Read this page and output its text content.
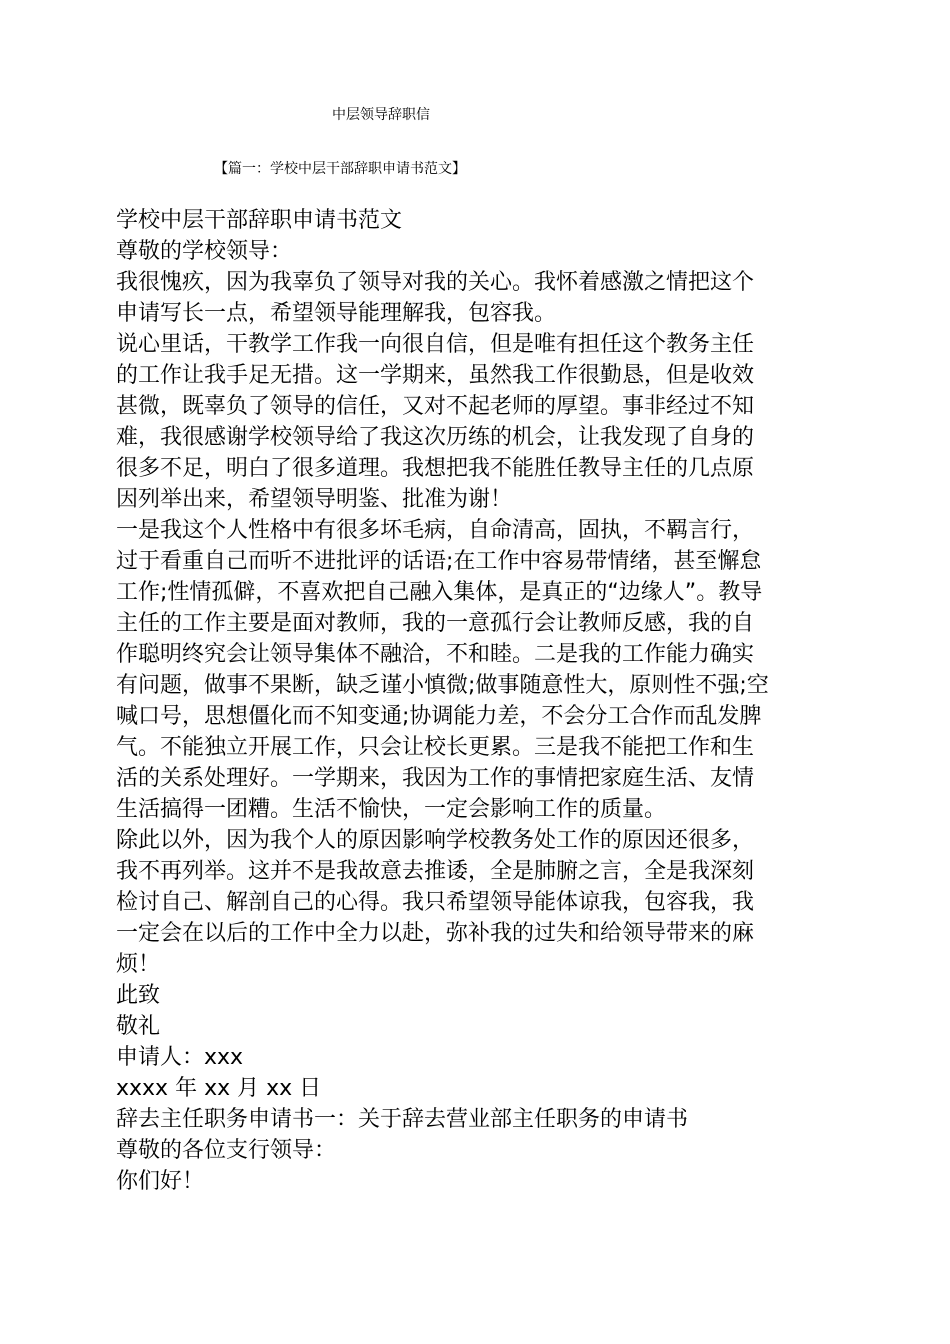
中层领导辞职信
【篇一：学校中层干部辞职申请书范文】
学校中层干部辞职申请书范文
尊敬的学校领导：
我很愧疚，因为我辜负了领导对我的关心。我怀着感激之情把这个
申请写长一点，希望领导能理解我，包容我。
说心里话，干教学工作我一向很自信，但是唯有担任这个教务主任
的工作让我手足无措。这一学期来，虽然我工作很勤恳，但是收效
甚微，既辜负了领导的信任，又对不起老师的厚望。事非经过不知
难，我很感谢学校领导给了我这次历练的机会，让我发现了自身的
很多不足，明白了很多道理。我想把我不能胜任教导主任的几点原
因列举出来，希望领导明鉴、批准为谢！
一是我这个人性格中有很多坏毛病，自命清高，固执，不羁言行，
过于看重自己而听不进批评的话语;在工作中容易带情绪，甚至懈怠
工作;性情孤僻，不喜欢把自己融入集体，是真正的“边缘人”。教导
主任的工作主要是面对教师，我的一意孤行会让教师反感，我的自
作聪明终究会让领导集体不融洽，不和睦。二是我的工作能力确实
有问题，做事不果断，缺乏谨小慎微;做事随意性大，原则性不强;空
喊口号，思想僵化而不知变通;协调能力差，不会分工合作而乱发脾
气。不能独立开展工作，只会让校长更累。三是我不能把工作和生
活的关系处理好。一学期来，我因为工作的事情把家庭生活、友情
生活搞得一团糟。生活不愉快，一定会影响工作的质量。
除此以外，因为我个人的原因影响学校教务处工作的原因还很多，
我不再列举。这并不是我故意去推诿，全是肺腑之言，全是我深刻
检讨自己、解剖自己的心得。我只希望领导能体谅我，包容我，我
一定会在以后的工作中全力以赴，弥补我的过失和给领导带来的麻
烦！
此致
敬礼
申请人：xxx
xxxx 年 xx 月 xx 日
辞去主任职务申请书一：关于辞去营业部主任职务的申请书
尊敬的各位支行领导：
你们好！
